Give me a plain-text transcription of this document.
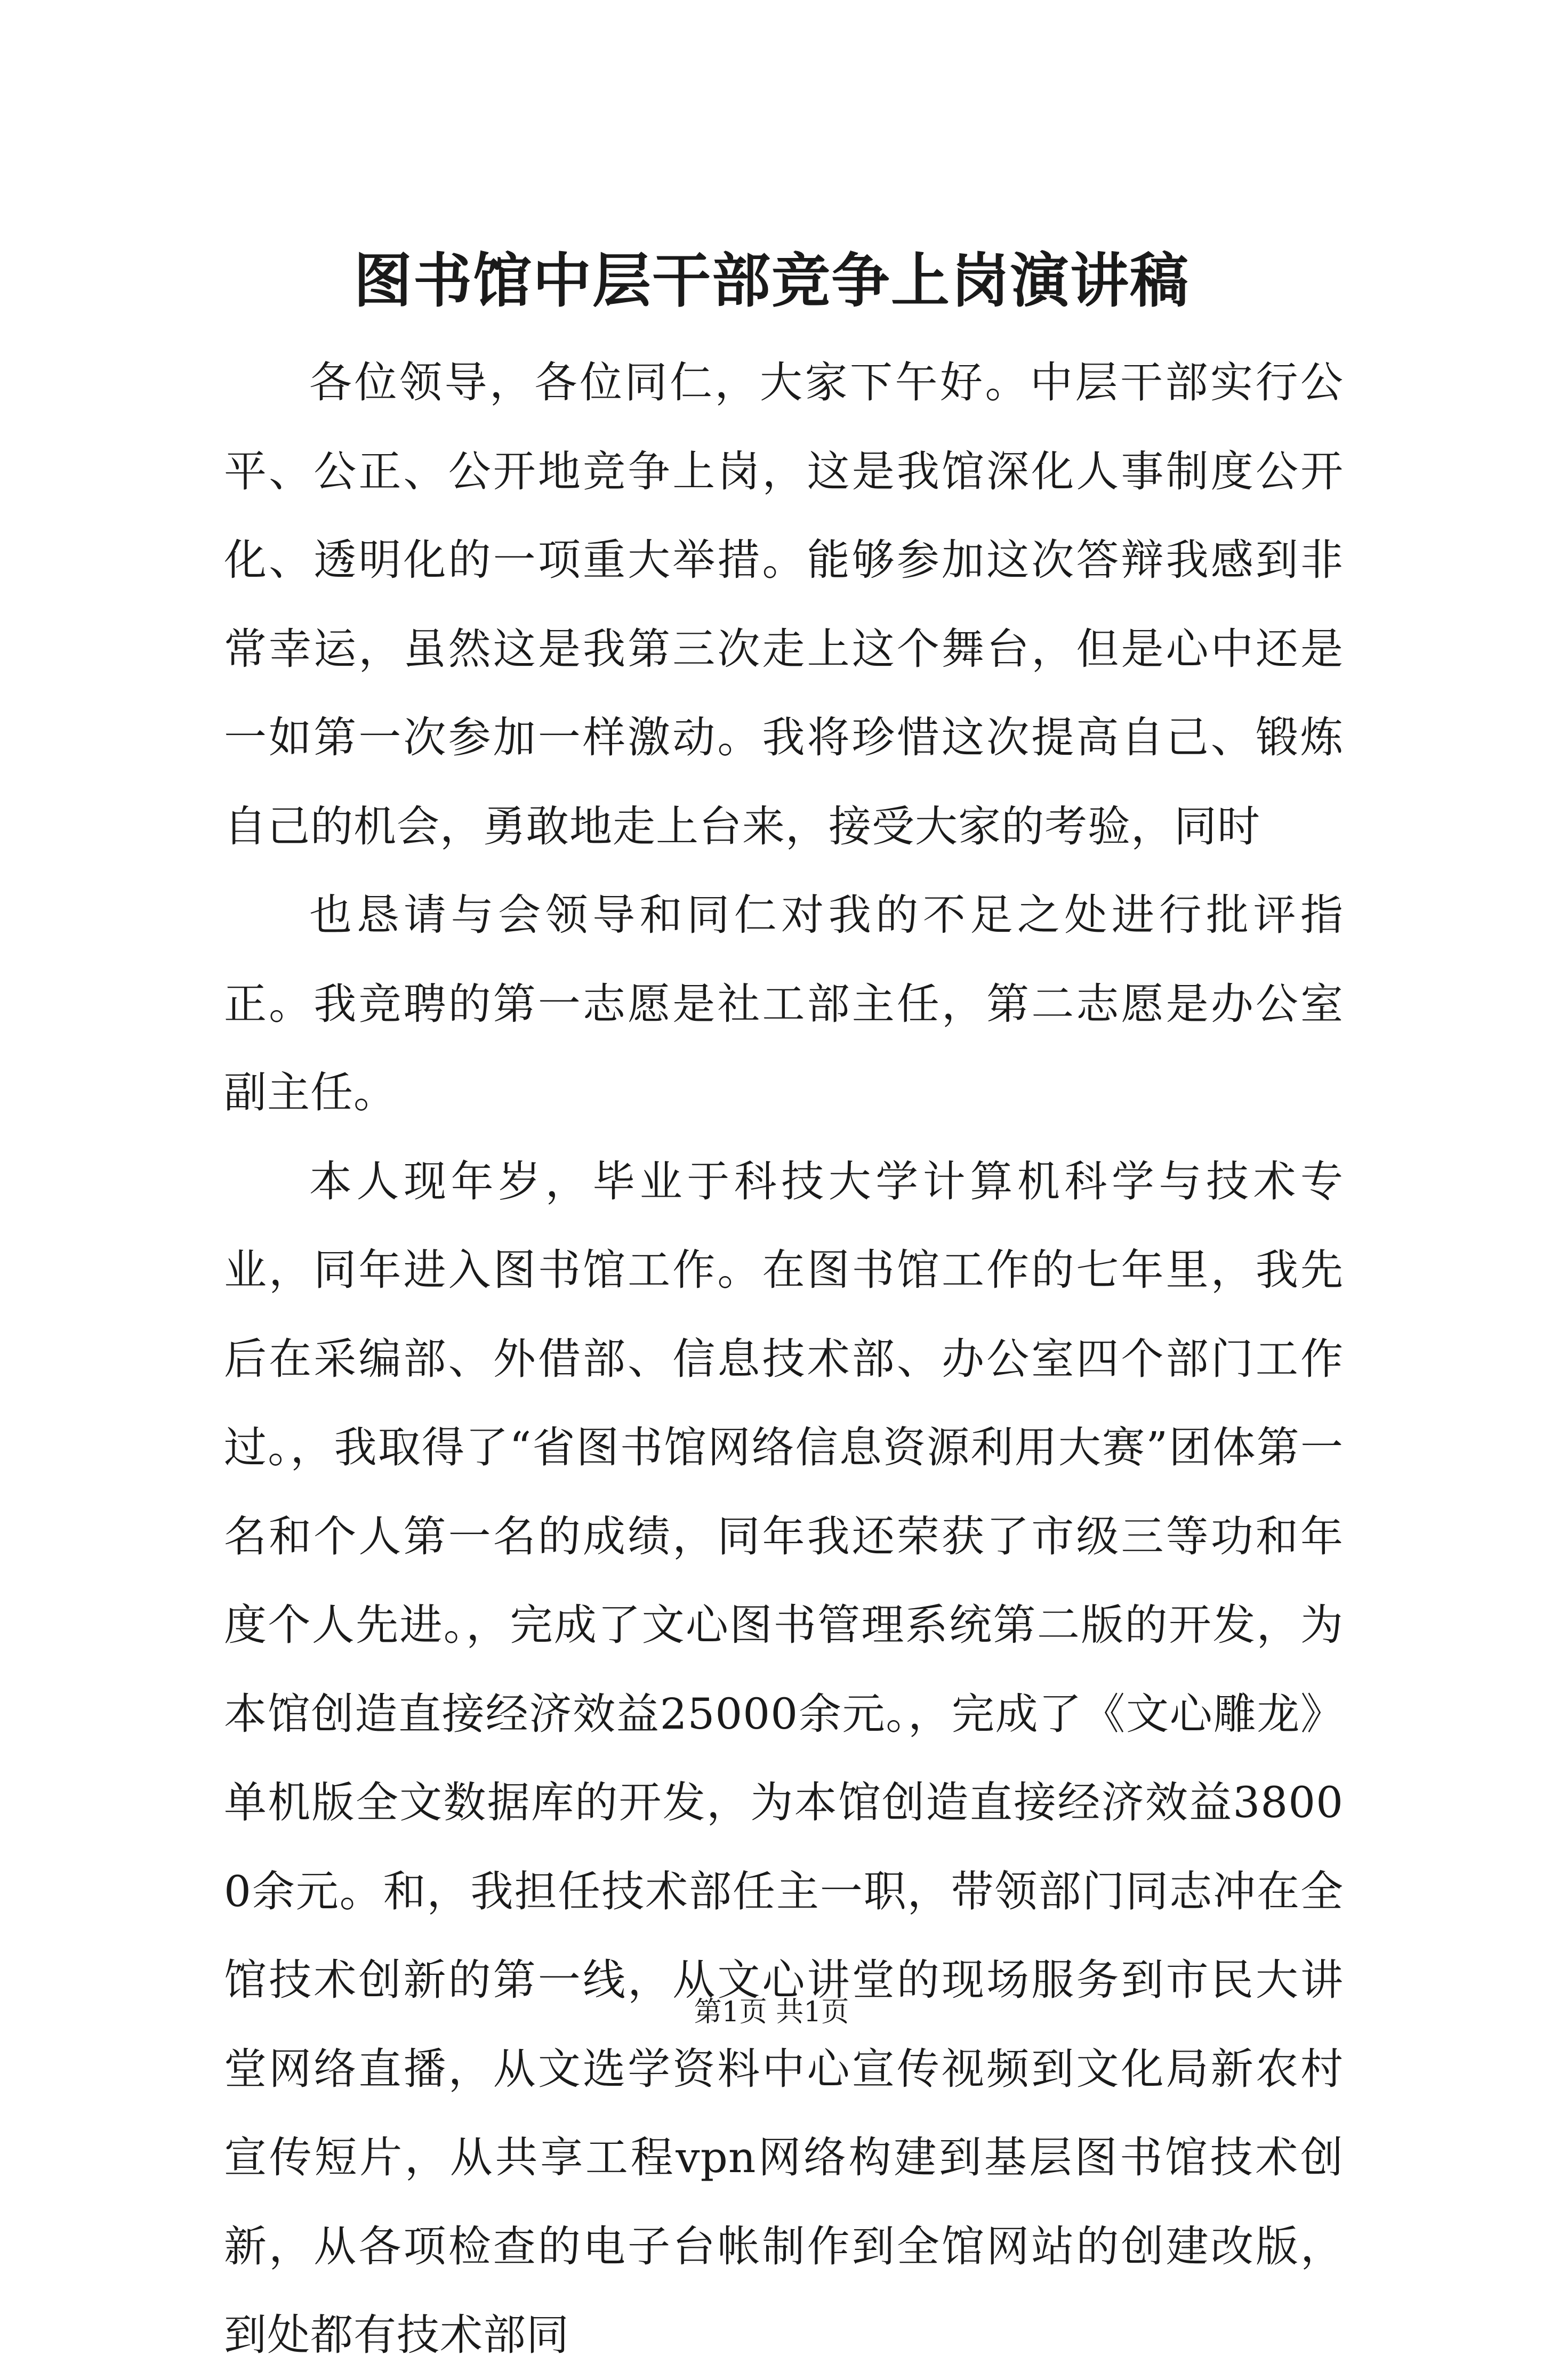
图书馆中层干部竞争上岗演讲稿

各位领导，各位同仁，大家下午好。中层干部实行公平、公正、公开地竞争上岗，这是我馆深化人事制度公开化、透明化的一项重大举措。能够参加这次答辩我感到非常幸运，虽然这是我第三次走上这个舞台，但是心中还是一如第一次参加一样激动。我将珍惜这次提高自己、锻炼自己的机会，勇敢地走上台来，接受大家的考验，同时

也恳请与会领导和同仁对我的不足之处进行批评指正。我竞聘的第一志愿是社工部主任，第二志愿是办公室副主任。

本人现年岁，毕业于科技大学计算机科学与技术专业，同年进入图书馆工作。在图书馆工作的七年里，我先后在采编部、外借部、信息技术部、办公室四个部门工作过。，我取得了“省图书馆网络信息资源利用大赛”团体第一名和个人第一名的成绩，同年我还荣获了市级三等功和年度个人先进。，完成了文心图书管理系统第二版的开发，为本馆创造直接经济效益25000余元。，完成了《文心雕龙》单机版全文数据库的开发，为本馆创造直接经济效益38000余元。和，我担任技术部任主一职，带领部门同志冲在全馆技术创新的第一线，从文心讲堂的现场服务到市民大讲堂网络直播，从文选学资料中心宣传视频到文化局新农村宣传短片，从共享工程vpn网络构建到基层图书馆技术创新，从各项检查的电子台帐制作到全馆网站的创建改版，到处都有技术部同

第1页 共1页
